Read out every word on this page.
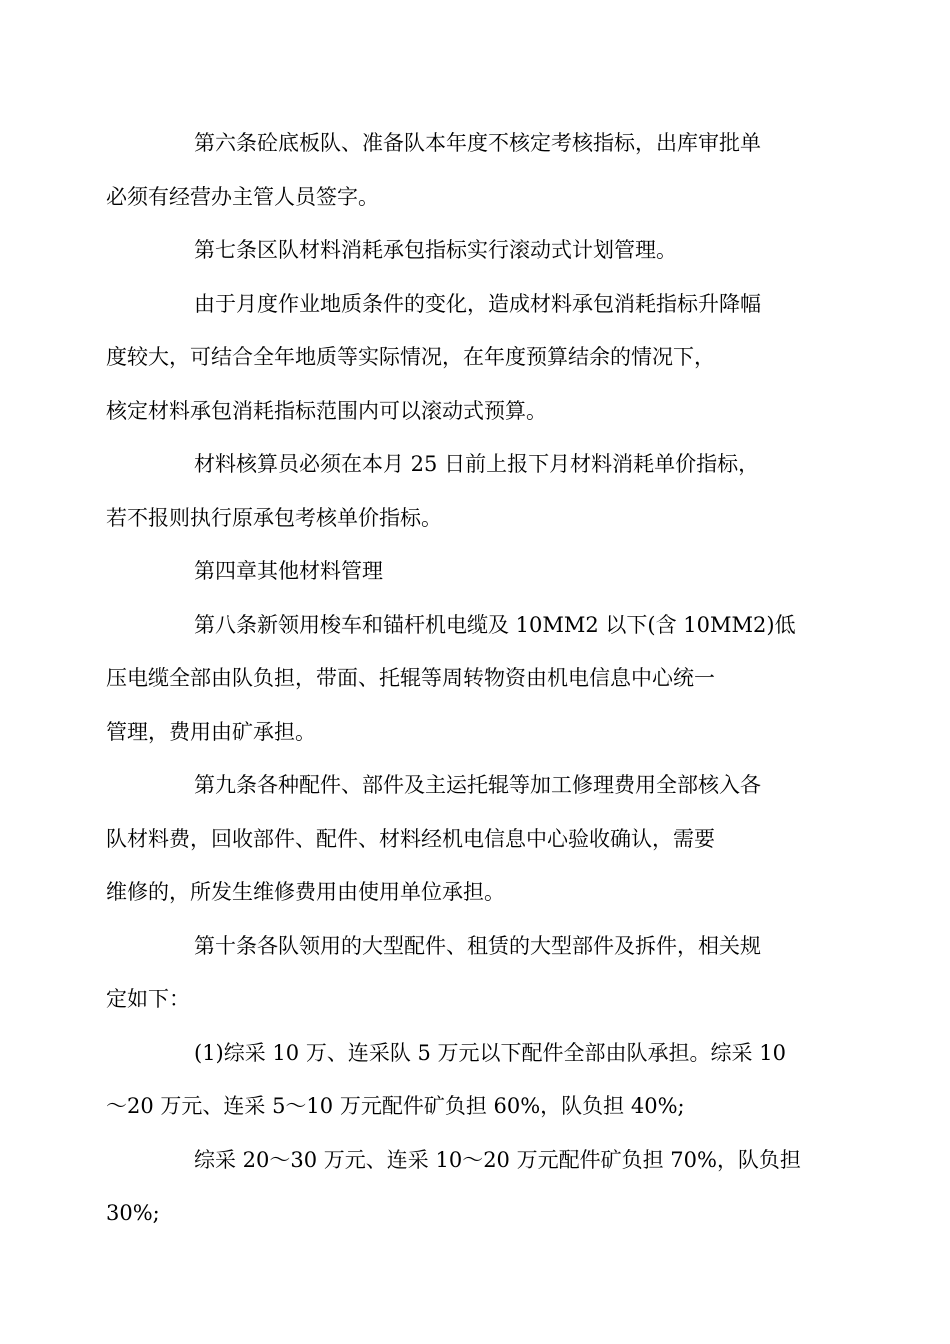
第六条砼底板队、准备队本年度不核定考核指标，出库审批单
必须有经营办主管人员签字。

第七条区队材料消耗承包指标实行滚动式计划管理。

由于月度作业地质条件的变化，造成材料承包消耗指标升降幅
度较大，可结合全年地质等实际情况，在年度预算结余的情况下，
核定材料承包消耗指标范围内可以滚动式预算。

材料核算员必须在本月 25 日前上报下月材料消耗单价指标，
若不报则执行原承包考核单价指标。

第四章其他材料管理

第八条新领用梭车和锚杆机电缆及 10MM2 以下(含 10MM2)低
压电缆全部由队负担，带面、托辊等周转物资由机电信息中心统一
管理，费用由矿承担。

第九条各种配件、部件及主运托辊等加工修理费用全部核入各
队材料费，回收部件、配件、材料经机电信息中心验收确认，需要
维修的，所发生维修费用由使用单位承担。

第十条各队领用的大型配件、租赁的大型部件及拆件，相关规
定如下：

(1)综采 10 万、连采队 5 万元以下配件全部由队承担。综采 10
～20 万元、连采 5～10 万元配件矿负担 60%，队负担 40%;

综采 20～30 万元、连采 10～20 万元配件矿负担 70%，队负担
30%;
